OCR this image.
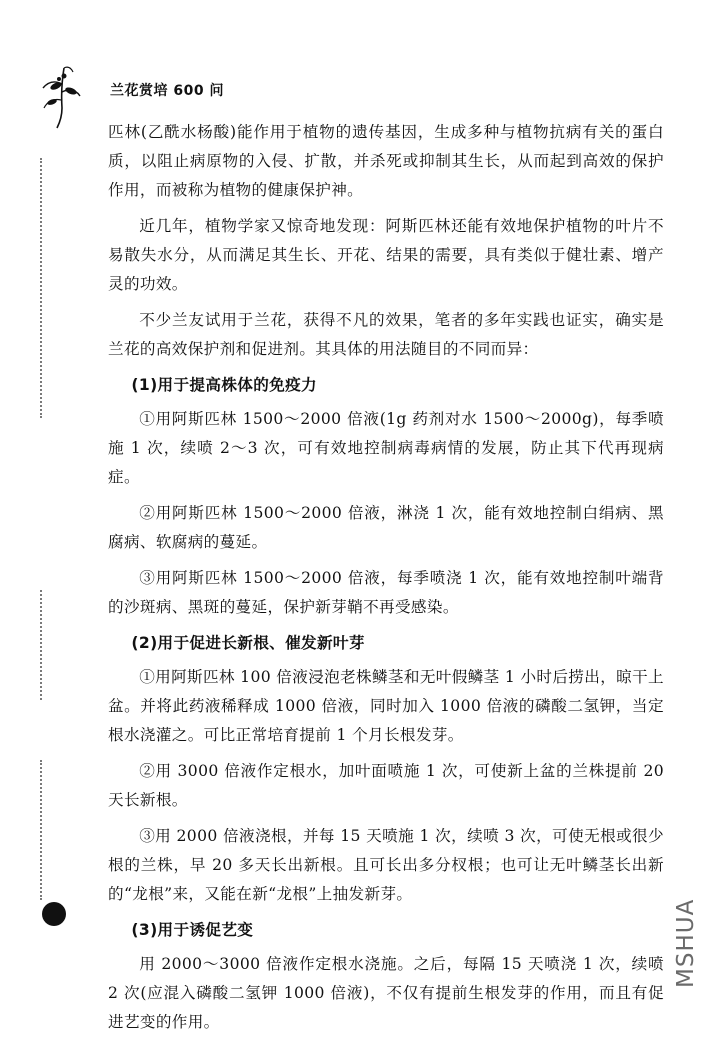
兰花赏培 600 问
MSHUA

匹林(乙酰水杨酸)能作用于植物的遗传基因，生成多种与植物抗病有关的蛋白质，以阻止病原物的入侵、扩散，并杀死或抑制其生长，从而起到高效的保护作用，而被称为植物的健康保护神。

近几年，植物学家又惊奇地发现：阿斯匹林还能有效地保护植物的叶片不易散失水分，从而满足其生长、开花、结果的需要，具有类似于健壮素、增产灵的功效。

不少兰友试用于兰花，获得不凡的效果，笔者的多年实践也证实，确实是兰花的高效保护剂和促进剂。其具体的用法随目的不同而异：

(1)用于提高株体的免疫力

①用阿斯匹林 1500～2000 倍液(1g 药剂对水 1500～2000g)，每季喷施 1 次，续喷 2～3 次，可有效地控制病毒病情的发展，防止其下代再现病症。

②用阿斯匹林 1500～2000 倍液，淋浇 1 次，能有效地控制白绢病、黑腐病、软腐病的蔓延。

③用阿斯匹林 1500～2000 倍液，每季喷浇 1 次，能有效地控制叶端背的沙斑病、黑斑的蔓延，保护新芽鞘不再受感染。

(2)用于促进长新根、催发新叶芽

①用阿斯匹林 100 倍液浸泡老株鳞茎和无叶假鳞茎 1 小时后捞出，晾干上盆。并将此药液稀释成 1000 倍液，同时加入 1000 倍液的磷酸二氢钾，当定根水浇灌之。可比正常培育提前 1 个月长根发芽。

②用 3000 倍液作定根水，加叶面喷施 1 次，可使新上盆的兰株提前 20 天长新根。

③用 2000 倍液浇根，并每 15 天喷施 1 次，续喷 3 次，可使无根或很少根的兰株，早 20 多天长出新根。且可长出多分杈根；也可让无叶鳞茎长出新的“龙根”来，又能在新“龙根”上抽发新芽。

(3)用于诱促艺变

用 2000～3000 倍液作定根水浇施。之后，每隔 15 天喷浇 1 次，续喷 2 次(应混入磷酸二氢钾 1000 倍液)，不仅有提前生根发芽的作用，而且有促进艺变的作用。
